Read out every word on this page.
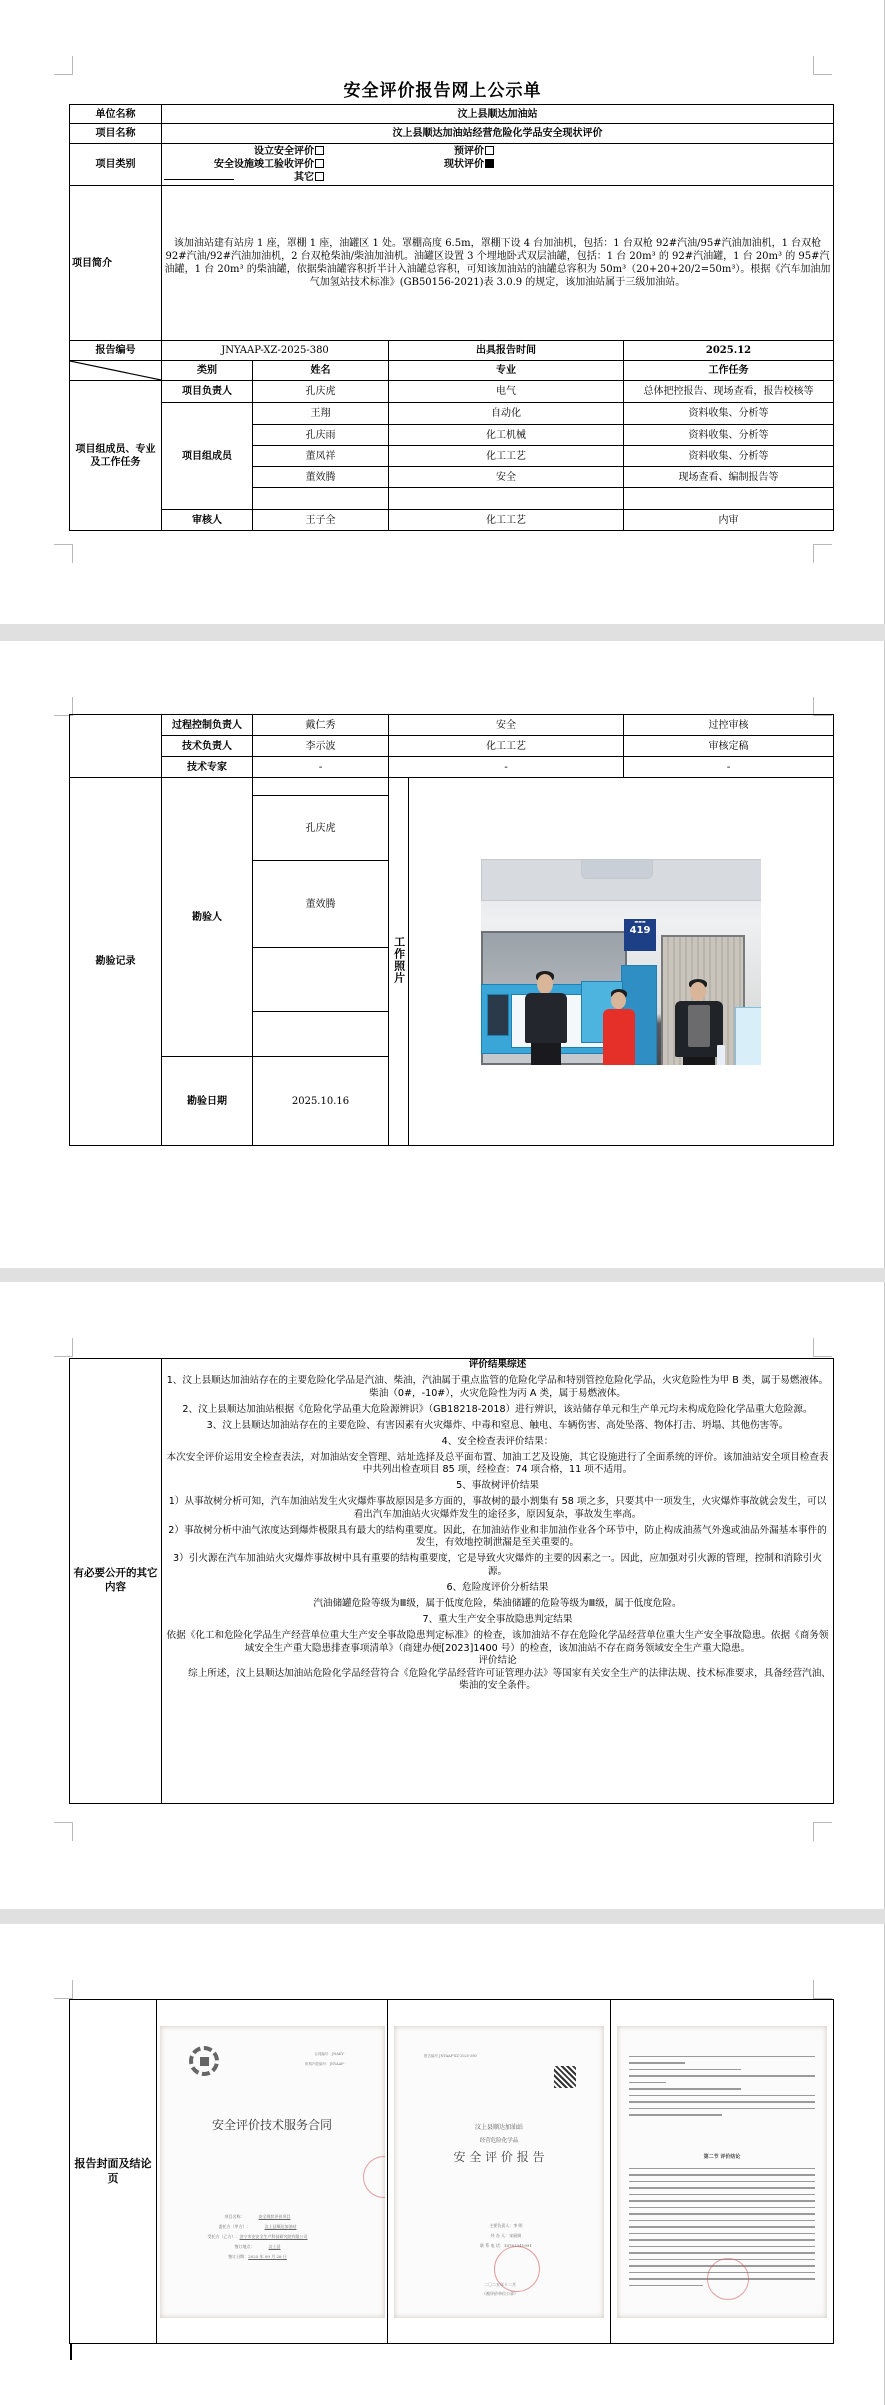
安全评价报告网上公示单
单位名称	汶上县顺达加油站			
项目名称	汶上县顺达加油站经营危险化学品安全现状评价			
项目类别	设立安全评价 预评价
安全设施竣工验收评价 现状评价
其它			

项目简介	该加油站建有站房 1 座，罩棚 1 座，油罐区 1 处。罩棚高度 6.5m，罩棚下设 4 台加油机，包括：1 台双枪 92#汽油/95#汽油加油机，1 台双枪 92#汽油/92#汽油加油机，2 台双枪柴油/柴油加油机。油罐区设置 3 个埋地卧式双层油罐，包括：1 台 20m³ 的 92#汽油罐，1 台 20m³ 的 95#汽油罐，1 台 20m³ 的柴油罐，依据柴油罐容积折半计入油罐总容积，可知该加油站的油罐总容积为 50m³（20+20+20/2=50m³）。根据《汽车加油加气加氢站技术标准》(GB50156-2021)表 3.0.9 的规定，该加油站属于三级加油站。			
报告编号	JNYAAP-XZ-2025-380		出具报告时间	2025.12

	类别	姓名	专业	工作任务
项目组成员、专业及工作任务	项目负责人	孔庆虎	电气	总体把控报告、现场查看，报告校核等
	项目组成员	王翔	自动化	资料收集、分析等
		孔庆雨	化工机械	资料收集、分析等
		董凤祥	化工工艺	资料收集、分析等
		董效腾	安全	现场查看、编制报告等

	审核人	王子全	化工工艺	内审
	过程控制负责人	戴仁秀	安全		过控审核
	技术负责人	李示波	化工工艺		审核定稿
	技术专家	-	-		-
勘验记录	勘验人		工作照片	▬▬▬
419	

		孔庆虎			
		董效腾			

	勘验日期	2025.10.16			
有必要公开的其它内容	

评价结果综述

1、汶上县顺达加油站存在的主要危险化学品是汽油、柴油，汽油属于重点监管的危险化学品和特别管控危险化学品，火灾危险性为甲 B 类，属于易燃液体。柴油（0#，-10#），火灾危险性为丙 A 类，属于易燃液体。

2、汶上县顺达加油站根据《危险化学品重大危险源辨识》（GB18218-2018）进行辨识，该站储存单元和生产单元均未构成危险化学品重大危险源。

3、汶上县顺达加油站存在的主要危险、有害因素有火灾爆炸、中毒和窒息、触电、车辆伤害、高处坠落、物体打击、坍塌、其他伤害等。

4、安全检查表评价结果：

本次安全评价运用安全检查表法，对加油站安全管理、站址选择及总平面布置、加油工艺及设施，其它设施进行了全面系统的评价。该加油站安全项目检查表中共列出检查项目 85 项，经检查：74 项合格，11 项不适用。

5、事故树评价结果

1）从事故树分析可知，汽车加油站发生火灾爆炸事故原因是多方面的，事故树的最小割集有 58 项之多，只要其中一项发生，火灾爆炸事故就会发生，可以看出汽车加油站火灾爆炸发生的途径多，原因复杂，事故发生率高。

2）事故树分析中油气浓度达到爆炸极限具有最大的结构重要度。因此，在加油站作业和非加油作业各个环节中，防止构成油蒸气外逸或油品外漏基本事件的发生，有效地控制泄漏是至关重要的。

3）引火源在汽车加油站火灾爆炸事故树中具有重要的结构重要度，它是导致火灾爆炸的主要的因素之一。因此，应加强对引火源的管理，控制和消除引火源。

6、危险度评价分析结果

汽油储罐危险等级为Ⅲ级，属于低度危险，柴油储罐的危险等级为Ⅲ级，属于低度危险。

7、重大生产安全事故隐患判定结果

依据《化工和危险化学品生产经营单位重大生产安全事故隐患判定标准》的检查，该加油站不存在危险化学品经营单位重大生产安全事故隐患。依据《商务领域安全生产重大隐患排查事项清单》（商建办便[2023]1400 号）的检查，该加油站不存在商务领域安全生产重大隐患。

评价结论

综上所述，汶上县顺达加油站危险化学品经营符合《危险化学品经营许可证管理办法》等国家有关安全生产的法律法规、技术标准要求，具备经营汽油、柴油的安全条件。

报告封面及结论页	
合同编号：JNAKY-
机构内控编号：JNYAAP-
安全评价技术服务合同
项目名称：	安全现状评价项目
委托方（甲方）：	汶上县顺达加油站
受托方（乙方）：济宁市安安全生产科技研究院有限公司
签订地点：	汶上县
签订日期：2025 年 09 月 28 日

报告编号 JNYAAP-XZ-2025-380
汶上县顺达加油站
经营危险化学品
安 全 评 价 报 告
主要负责人：李 明
经 办 人：宋丽娟
联 系 电 话：18763341991
二〇二五年十二月
（被评价单位公章）

第二节 评价结论
